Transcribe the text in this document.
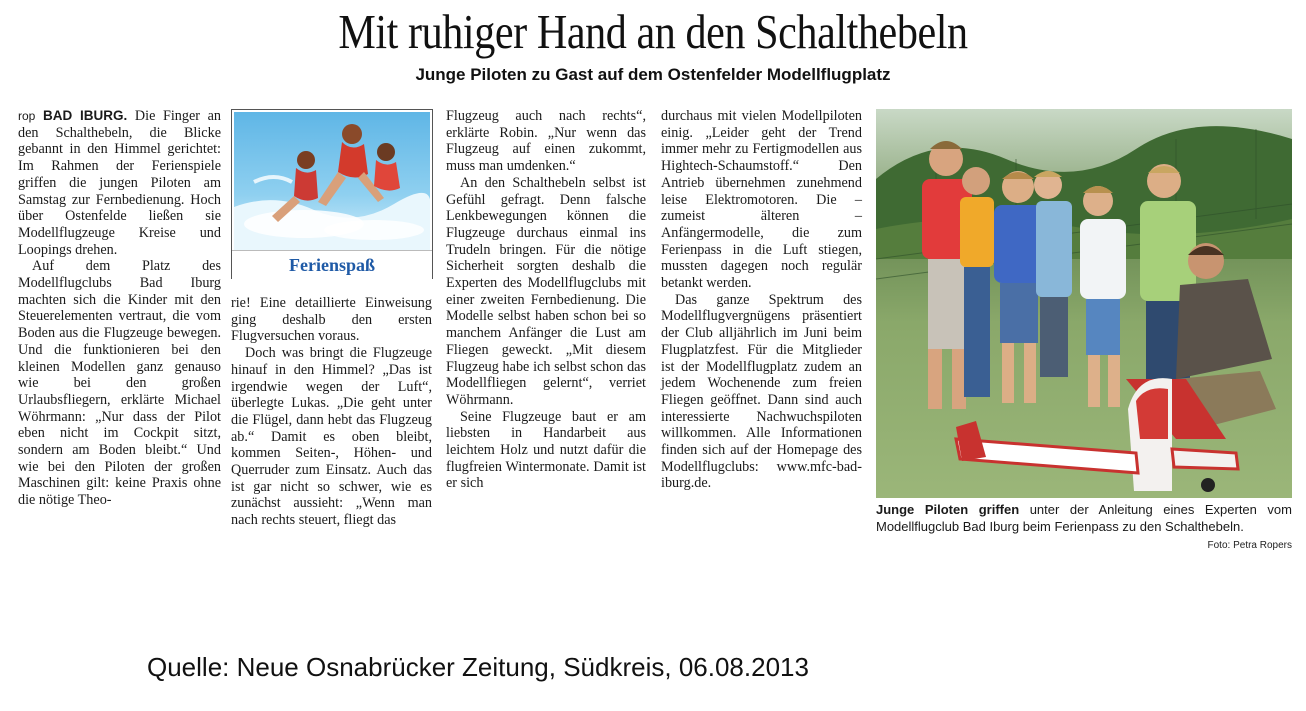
Mit ruhiger Hand an den Schalthebeln
Junge Piloten zu Gast auf dem Ostenfelder Modellflugplatz

rop BAD IBURG. Die Finger an den Schalthebeln, die Blicke gebannt in den Himmel gerichtet: Im Rahmen der Ferienspiele griffen die jungen Piloten am Samstag zur Fernbedienung. Hoch über Ostenfelde ließen sie Modellflugzeuge Kreise und Loopings drehen.

Auf dem Platz des Modellflugclubs Bad Iburg machten sich die Kinder mit den Steuerelementen vertraut, die vom Boden aus die Flugzeuge bewegen. Und die funktionieren bei den kleinen Modellen ganz genauso wie bei den großen Urlaubsfliegern, erklärte Michael Wöhrmann: „Nur dass der Pilot eben nicht im Cockpit sitzt, sondern am Boden bleibt.“ Und wie bei den Piloten der großen Maschinen gilt: keine Praxis ohne die nötige Theo-

Ferienspaß

rie! Eine detaillierte Einweisung ging deshalb den ersten Flugversuchen voraus.

Doch was bringt die Flugzeuge hinauf in den Himmel? „Das ist irgendwie wegen der Luft“, überlegte Lukas. „Die geht unter die Flügel, dann hebt das Flugzeug ab.“ Damit es oben bleibt, kommen Seiten-, Höhen- und Querruder zum Einsatz. Auch das ist gar nicht so schwer, wie es zunächst aussieht: „Wenn man nach rechts steuert, fliegt das

Flugzeug auch nach rechts“, erklärte Robin. „Nur wenn das Flugzeug auf einen zukommt, muss man umdenken.“

An den Schalthebeln selbst ist Gefühl gefragt. Denn falsche Lenkbewegungen können die Flugzeuge durchaus einmal ins Trudeln bringen. Für die nötige Sicherheit sorgten deshalb die Experten des Modellflugclubs mit einer zweiten Fernbedienung. Die Modelle selbst haben schon bei so manchem Anfänger die Lust am Fliegen geweckt. „Mit diesem Flugzeug habe ich selbst schon das Modellfliegen gelernt“, verriet Wöhrmann.

Seine Flugzeuge baut er am liebsten in Handarbeit aus leichtem Holz und nutzt dafür die flugfreien Wintermonate. Damit ist er sich

durchaus mit vielen Modellpiloten einig. „Leider geht der Trend immer mehr zu Fertigmodellen aus Hightech-Schaumstoff.“ Den Antrieb übernehmen zunehmend leise Elektromotoren. Die – zumeist älteren – Anfängermodelle, die zum Ferienpass in die Luft stiegen, mussten dagegen noch regulär betankt werden.

Das ganze Spektrum des Modellflugvergnügens präsentiert der Club alljährlich im Juni beim Flugplatzfest. Für die Mitglieder ist der Modellflugplatz zudem an jedem Wochenende zum freien Fliegen geöffnet. Dann sind auch interessierte Nachwuchspiloten willkommen. Alle Informationen finden sich auf der Homepage des Modellflugclubs: www.mfc-bad-iburg.de.

Junge Piloten griffen unter der Anleitung eines Experten vom Modellflugclub Bad Iburg beim Ferienpass zu den Schalthebeln.
Foto: Petra Ropers
Quelle: Neue Osnabrücker Zeitung, Südkreis, 06.08.2013
